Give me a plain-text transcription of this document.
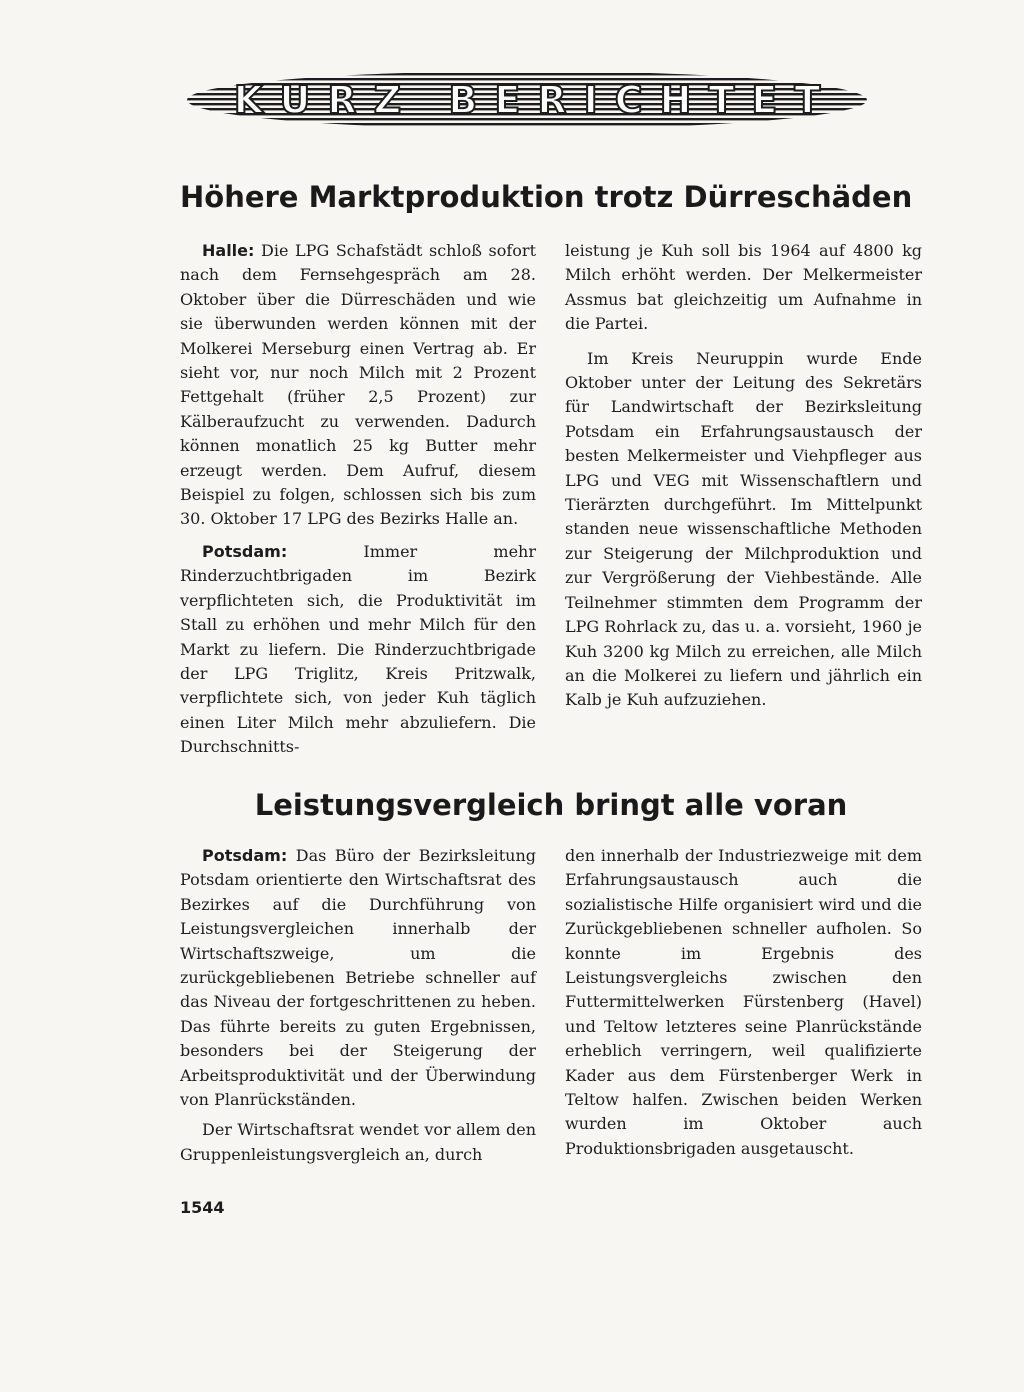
KURZ BERICHTET
Höhere Marktproduktion trotz Dürreschäden

Halle: Die LPG Schafstädt schloß sofort nach dem Fernsehgespräch am 28. Oktober über die Dürreschäden und wie sie überwunden werden können mit der Molkerei Merseburg einen Vertrag ab. Er sieht vor, nur noch Milch mit 2 Prozent Fettgehalt (früher 2,5 Prozent) zur Kälberaufzucht zu verwenden. Dadurch können monatlich 25 kg Butter mehr erzeugt werden. Dem Aufruf, diesem Beispiel zu folgen, schlossen sich bis zum 30. Oktober 17 LPG des Bezirks Halle an.

Potsdam: Immer mehr Rinderzuchtbrigaden im Bezirk verpflichteten sich, die Produktivität im Stall zu erhöhen und mehr Milch für den Markt zu liefern. Die Rinderzuchtbrigade der LPG Triglitz, Kreis Pritzwalk, verpflichtete sich, von jeder Kuh täglich einen Liter Milch mehr abzuliefern. Die Durchschnitts-

leistung je Kuh soll bis 1964 auf 4800 kg Milch erhöht werden. Der Melkermeister Assmus bat gleichzeitig um Aufnahme in die Partei.

Im Kreis Neuruppin wurde Ende Oktober unter der Leitung des Sekretärs für Landwirtschaft der Bezirksleitung Potsdam ein Erfahrungsaustausch der besten Melkermeister und Viehpfleger aus LPG und VEG mit Wissenschaftlern und Tierärzten durchgeführt. Im Mittelpunkt standen neue wissenschaftliche Methoden zur Steigerung der Milchproduktion und zur Vergrößerung der Viehbestände. Alle Teilnehmer stimmten dem Programm der LPG Rohrlack zu, das u. a. vorsieht, 1960 je Kuh 3200 kg Milch zu erreichen, alle Milch an die Molkerei zu liefern und jährlich ein Kalb je Kuh aufzuziehen.

Leistungsvergleich bringt alle voran

Potsdam: Das Büro der Bezirksleitung Potsdam orientierte den Wirtschaftsrat des Bezirkes auf die Durchführung von Leistungsvergleichen innerhalb der Wirtschaftszweige, um die zurückgebliebenen Betriebe schneller auf das Niveau der fortgeschrittenen zu heben. Das führte bereits zu guten Ergebnissen, besonders bei der Steigerung der Arbeitsproduktivität und der Überwindung von Planrückständen.

Der Wirtschaftsrat wendet vor allem den Gruppenleistungsvergleich an, durch

den innerhalb der Industriezweige mit dem Erfahrungsaustausch auch die sozialistische Hilfe organisiert wird und die Zurückgebliebenen schneller aufholen. So konnte im Ergebnis des Leistungsvergleichs zwischen den Futtermittelwerken Fürstenberg (Havel) und Teltow letzteres seine Planrückstände erheblich verringern, weil qualifizierte Kader aus dem Fürstenberger Werk in Teltow halfen. Zwischen beiden Werken wurden im Oktober auch Produktionsbrigaden ausgetauscht.

1544
